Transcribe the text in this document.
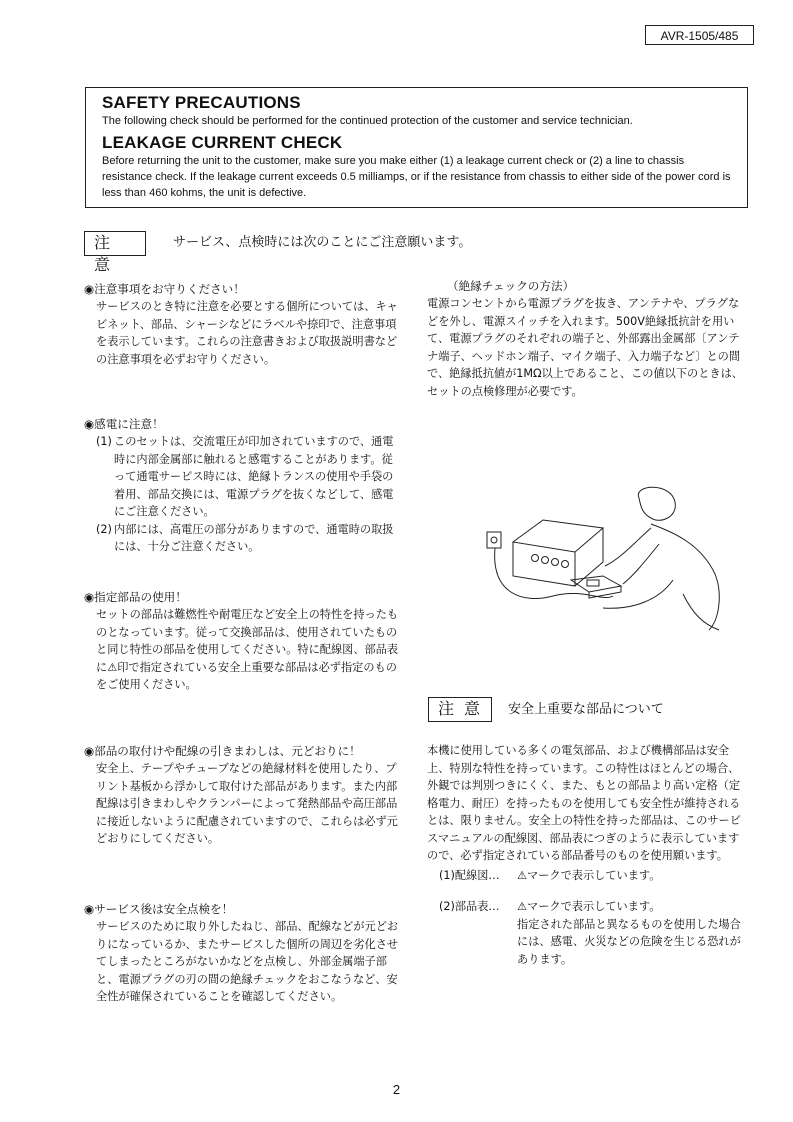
AVR-1505/485
SAFETY PRECAUTIONS

The following check should be performed for the continued protection of the customer and service technician.

LEAKAGE CURRENT CHECK

Before returning the unit to the customer, make sure you make either (1) a leakage current check or (2) a line to chassis resistance check. If the leakage current exceeds 0.5 milliamps, or if the resistance from chassis to either side of the power cord is less than 460 kohms, the unit is defective.

注意
サービス、点検時には次のことにご注意願います。

◉注意事項をお守りください！

サービスのとき特に注意を必要とする個所については、キャビネット、部品、シャーシなどにラベルや捺印で、注意事項を表示しています。これらの注意書きおよび取扱説明書などの注意事項を必ずお守りください。

◉感電に注意！

(1) このセットは、交流電圧が印加されていますので、通電時に内部金属部に触れると感電することがあります。従って通電サービス時には、絶縁トランスの使用や手袋の着用、部品交換には、電源プラグを抜くなどして、感電にご注意ください。
(2) 内部には、高電圧の部分がありますので、通電時の取扱には、十分ご注意ください。

◉指定部品の使用！

セットの部品は難燃性や耐電圧など安全上の特性を持ったものとなっています。従って交換部品は、使用されていたものと同じ特性の部品を使用してください。特に配線図、部品表に⚠印で指定されている安全上重要な部品は必ず指定のものをご使用ください。

◉部品の取付けや配線の引きまわしは、元どおりに！

安全上、テープやチューブなどの絶縁材料を使用したり、プリント基板から浮かして取付けた部品があります。また内部配線は引きまわしやクランパーによって発熱部品や高圧部品に接近しないように配慮されていますので、これらは必ず元どおりにしてください。

◉サービス後は安全点検を！

サービスのために取り外したねじ、部品、配線などが元どおりになっているか、またサービスした個所の周辺を劣化させてしまったところがないかなどを点検し、外部金属端子部と、電源プラグの刃の間の絶縁チェックをおこなうなど、安全性が確保されていることを確認してください。

（絶縁チェックの方法）

電源コンセントから電源プラグを抜き、アンテナや、プラグなどを外し、電源スイッチを入れます。500V絶縁抵抗計を用いて、電源プラグのそれぞれの端子と、外部露出金属部〔アンテナ端子、ヘッドホン端子、マイク端子、入力端子など〕との間で、絶縁抵抗値が1MΩ以上であること、この値以下のときは、セットの点検修理が必要です。

注意 安全上重要な部品について

本機に使用している多くの電気部品、および機構部品は安全上、特別な特性を持っています。この特性はほとんどの場合、外観では判別つきにくく、また、もとの部品より高い定格（定格電力、耐圧）を持ったものを使用しても安全性が維持されるとは、限りません。安全上の特性を持った部品は、このサービスマニュアルの配線図、部品表につぎのように表示していますので、必ず指定されている部品番号のものを使用願います。

(1)配線図…	⚠マークで表示しています。
(2)部品表…	⚠マークで表示しています。
指定された部品と異なるものを使用した場合には、感電、火災などの危険を生じる恐れがあります。
2
